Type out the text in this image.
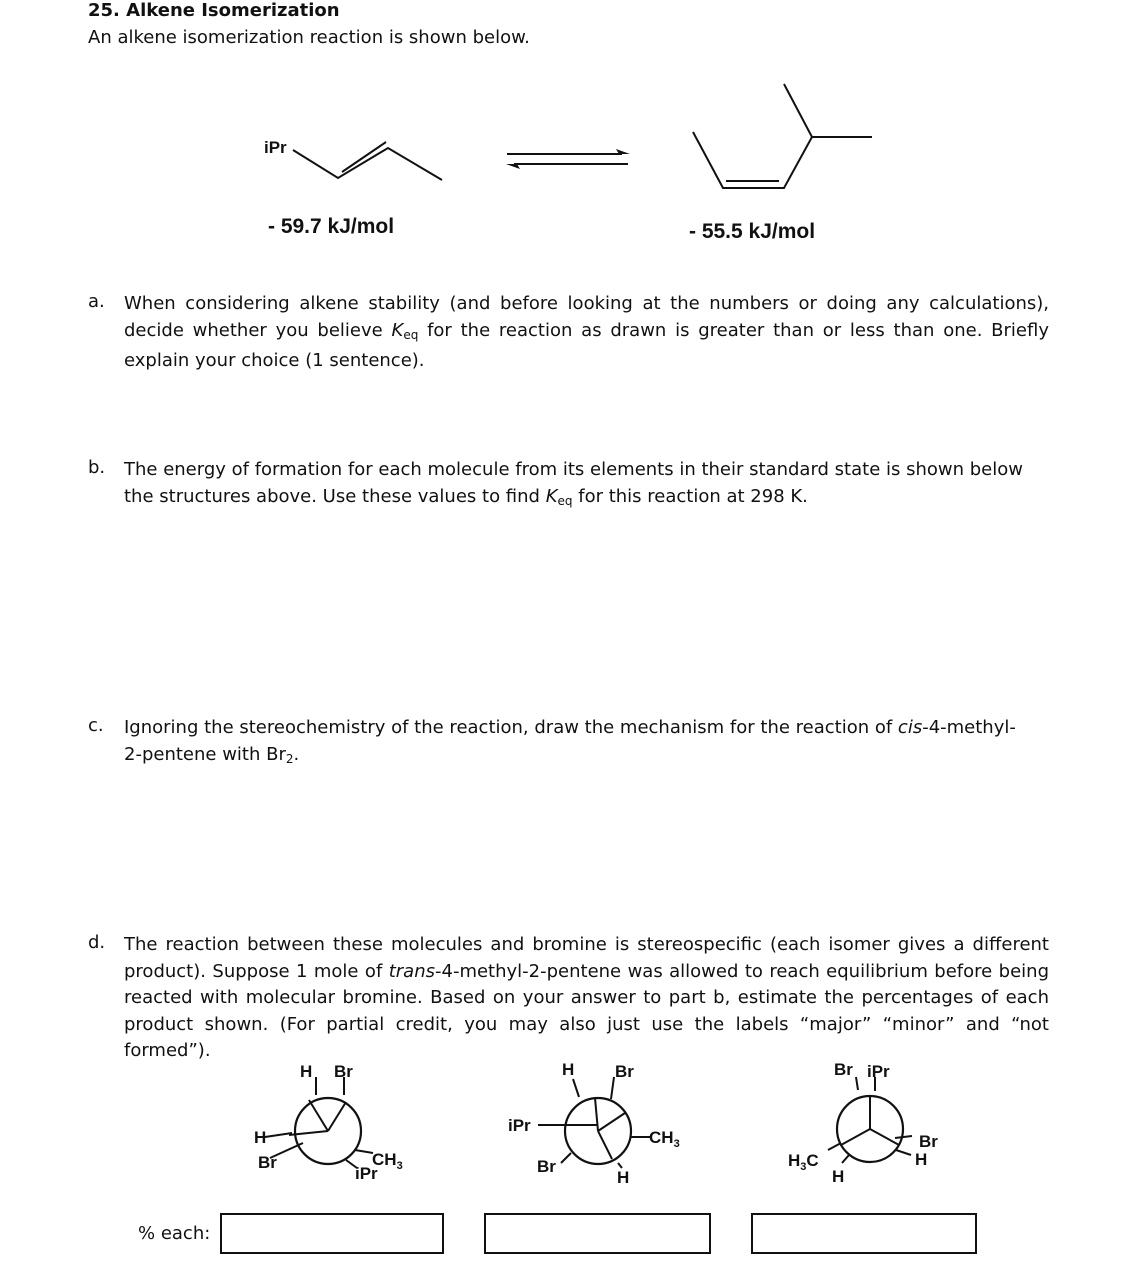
25. Alkene Isomerization
An alkene isomerization reaction is shown below.
iPr
- 59.7 kJ/mol	- 55.5 kJ/mol
a. When considering alkene stability (and before looking at the numbers or doing any calculations), decide whether you believe $K_{eq}$ for the reaction as drawn is greater than or less than one. Briefly explain your choice (1 sentence).
b. The energy of formation for each molecule from its elements in their standard state is shown below the structures above. Use these values to find $K_{eq}$ for this reaction at 298 K.
c. Ignoring the stereochemistry of the reaction, draw the mechanism for the reaction of cis-4-methyl-2-pentene with $Br_2$.
d. The reaction between these molecules and bromine is stereospecific (each isomer gives a different product). Suppose 1 mole of trans-4-methyl-2-pentene was allowed to reach equilibrium before being reacted with molecular bromine. Based on your answer to part b, estimate the percentages of each product shown. (For partial credit, you may also just use the labels “major” “minor” and “not formed”).
H Br
H
Br	$CH_3$
iPr
H Br
iPr
Br
$CH_3$
H
Br iPr
$H_3C$
H
Br
H
% each:
